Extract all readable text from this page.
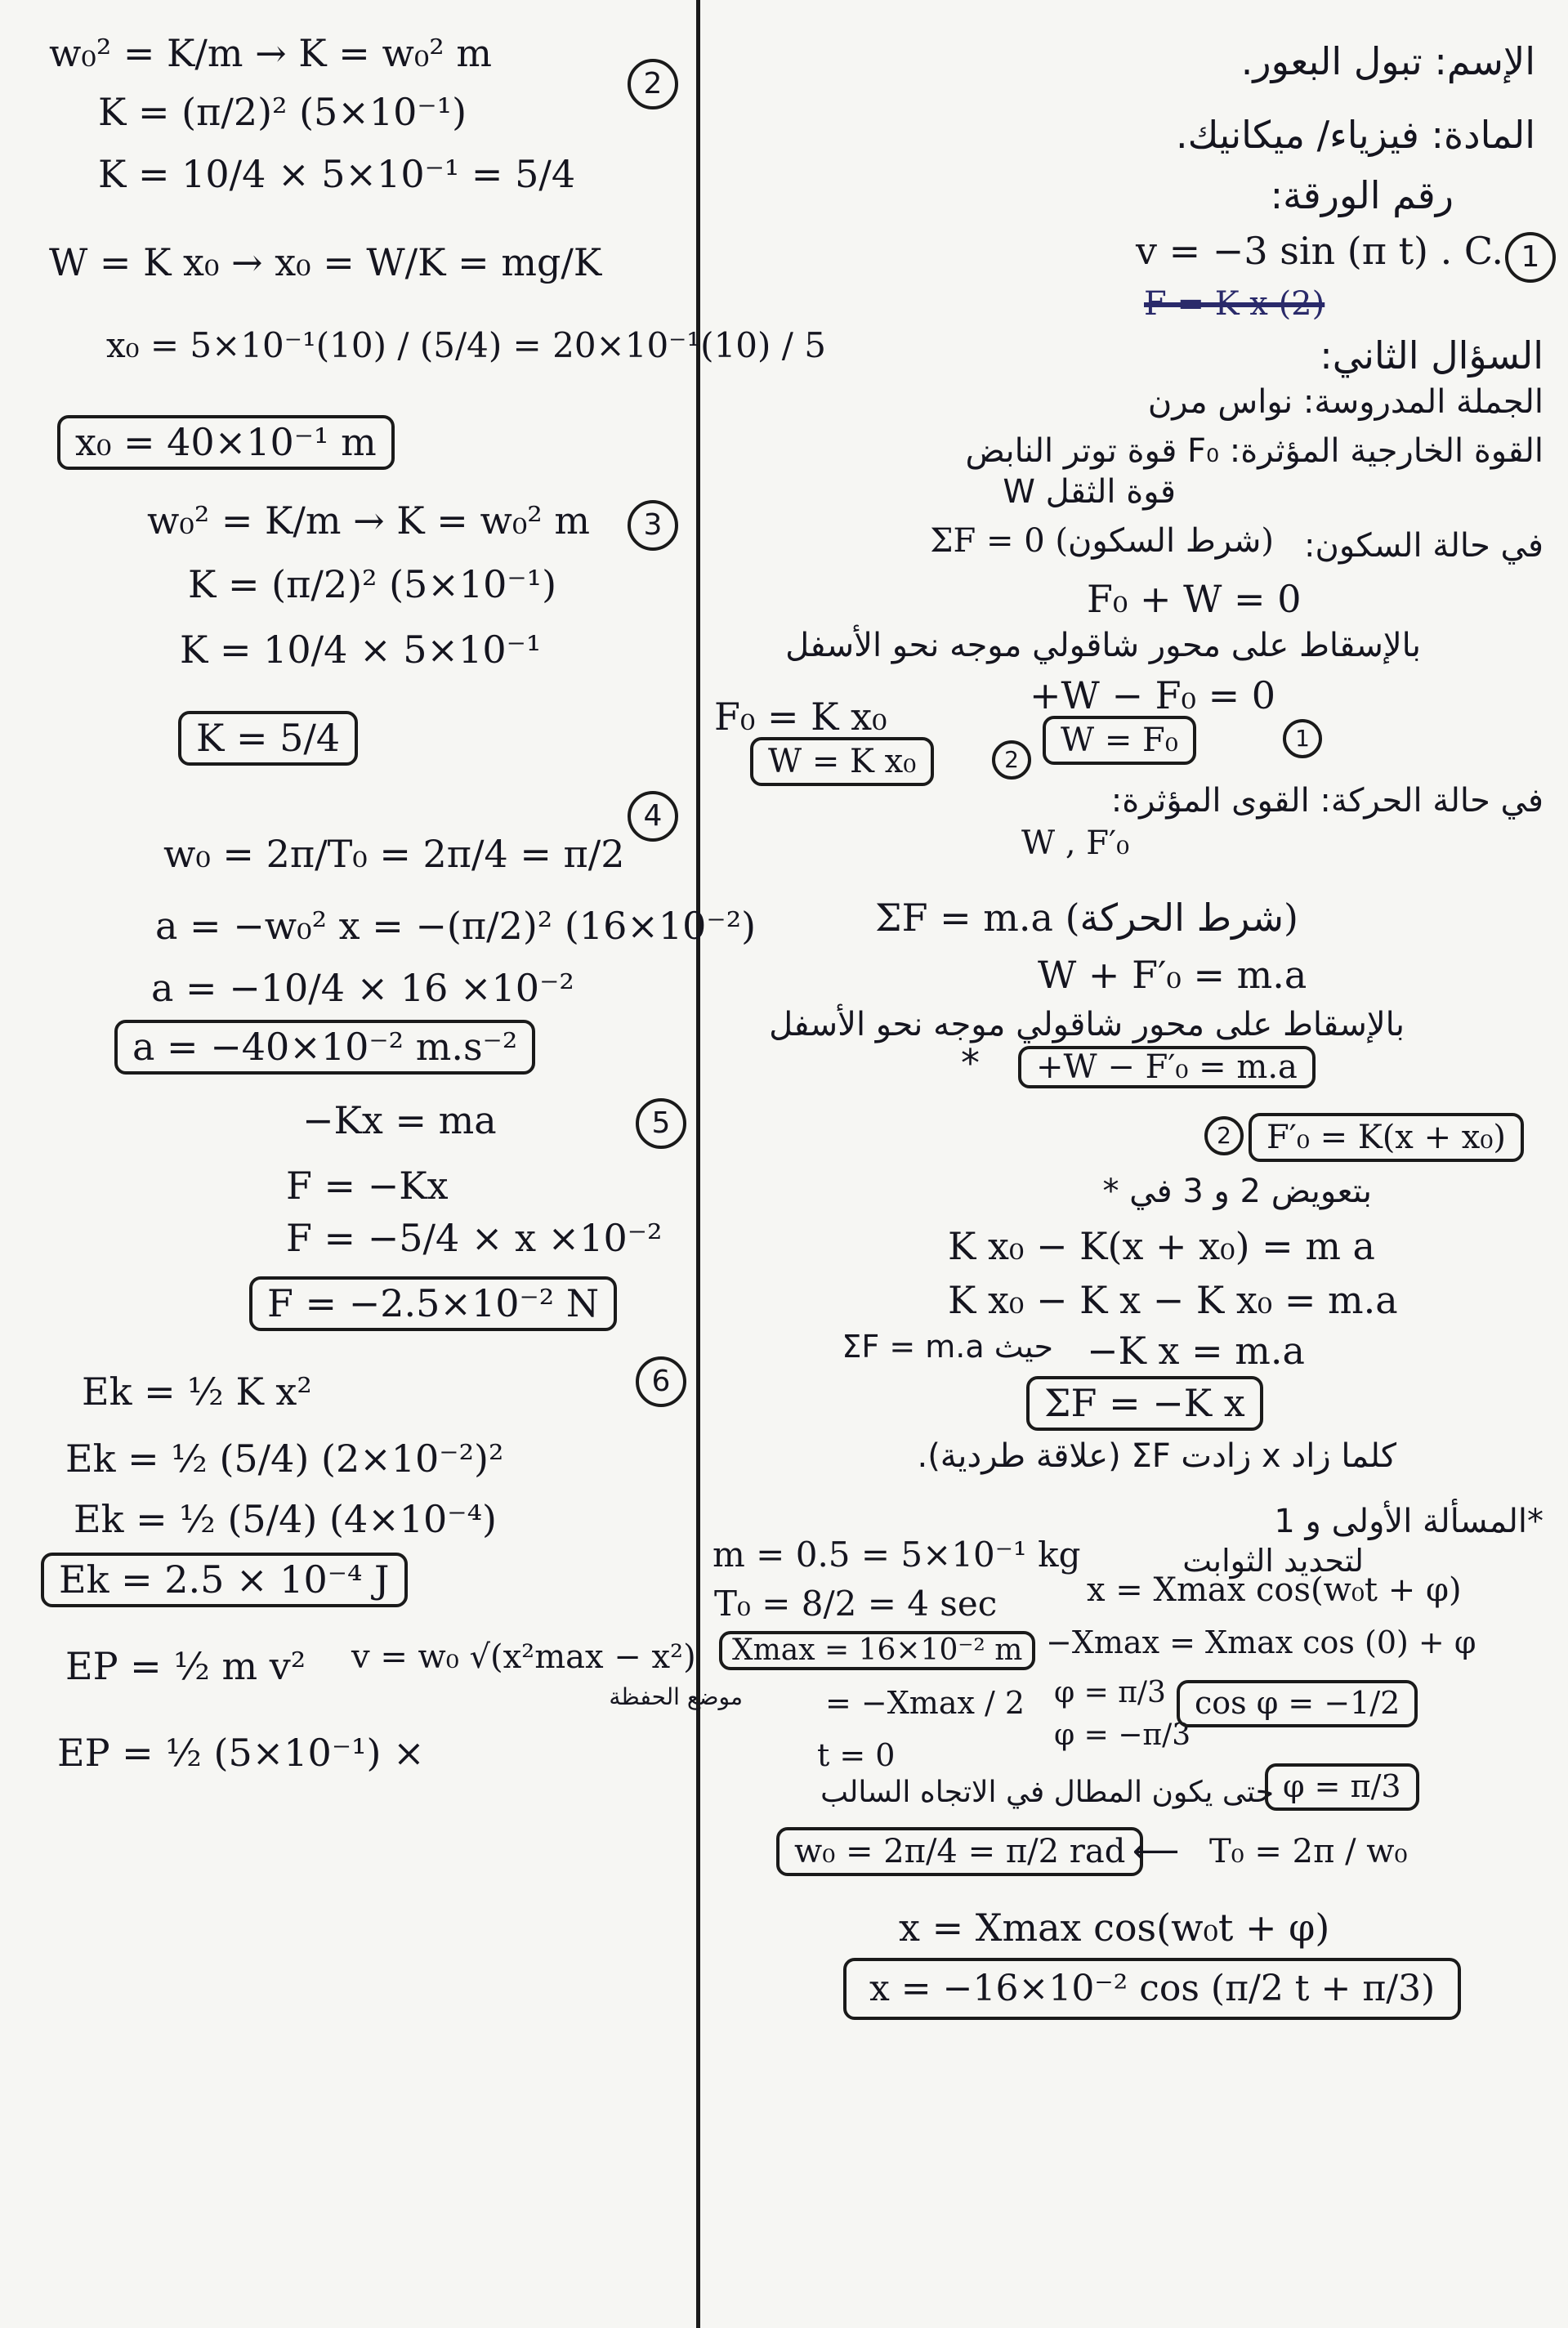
2
w₀² = K/m → K = w₀² m
K = (π/2)² (5×10⁻¹)
K = 10/4 × 5×10⁻¹ = 5/4
W = K x₀ → x₀ = W/K = mg/K
x₀ = 5×10⁻¹(10) / (5/4) = 20×10⁻¹(10) / 5
x₀ = 40×10⁻¹ m
3
w₀² = K/m → K = w₀² m
K = (π/2)² (5×10⁻¹)
K = 10/4 × 5×10⁻¹
K = 5/4
4
w₀ = 2π/T₀ = 2π/4 = π/2
a = −w₀² x = −(π/2)² (16×10⁻²)
a = −10/4 × 16 ×10⁻²
a = −40×10⁻² m.s⁻²
5
−Kx = ma
F = −Kx
F = −5/4 × x ×10⁻²
F = −2.5×10⁻² N
6
Ek = ½ K x²
Ek = ½ (5/4) (2×10⁻²)²
Ek = ½ (5/4) (4×10⁻⁴)
Ek = 2.5 × 10⁻⁴ J
EP = ½ m v² v = w₀ √(x²max − x²)
EP = ½ (5×10⁻¹) ×
الإسم: تبول البعور.
المادة: فيزياء/ ميكانيك.
رقم الورقة:
v = −3 sin (π t) . C. 1
F = K x (2)
السؤال الثاني:
الجملة المدروسة: نواس مرن
القوة الخارجية المؤثرة: F₀ قوة توتر النابض
W قوة الثقل
في حالة السكون:
ΣF = 0 (شرط السكون)
F₀ + W = 0
بالإسقاط على محور شاقولي موجه نحو الأسفل
+W − F₀ = 0
W = F₀	1
F₀ = K x₀
W = K x₀	2
في حالة الحركة: القوى المؤثرة:
W , F′₀
ΣF = m.a (شرط الحركة)
W + F′₀ = m.a
بالإسقاط على محور شاقولي موجه نحو الأسفل
*	+W − F′₀ = m.a
2	F′₀ = K(x + x₀)
بتعويض 2 و 3 في *
K x₀ − K(x + x₀) = m a
K x₀ − K x − K x₀ = m.a
−K x = m.a
حيث ΣF = m.a
ΣF = −K x
كلما زاد x زادت ΣF (علاقة طردية).
*المسألة الأولى و 1
لتحديد الثوابت
m = 0.5 = 5×10⁻¹ kg
T₀ = 8/2 = 4 sec	x = Xmax cos(w₀t + φ)
Xmax = 16×10⁻² m −Xmax = Xmax cos (0) + φ
موضع الحفظة	= −Xmax / 2
t = 0
φ = π/3
φ = −π/3
cos φ = −1/2
حتى يكون المطال في الاتجاه السالب φ = π/3
w₀ = 2π/4 = π/2 rad ⟵ T₀ = 2π / w₀
x = Xmax cos(w₀t + φ)
x = −16×10⁻² cos (π/2 t + π/3)
